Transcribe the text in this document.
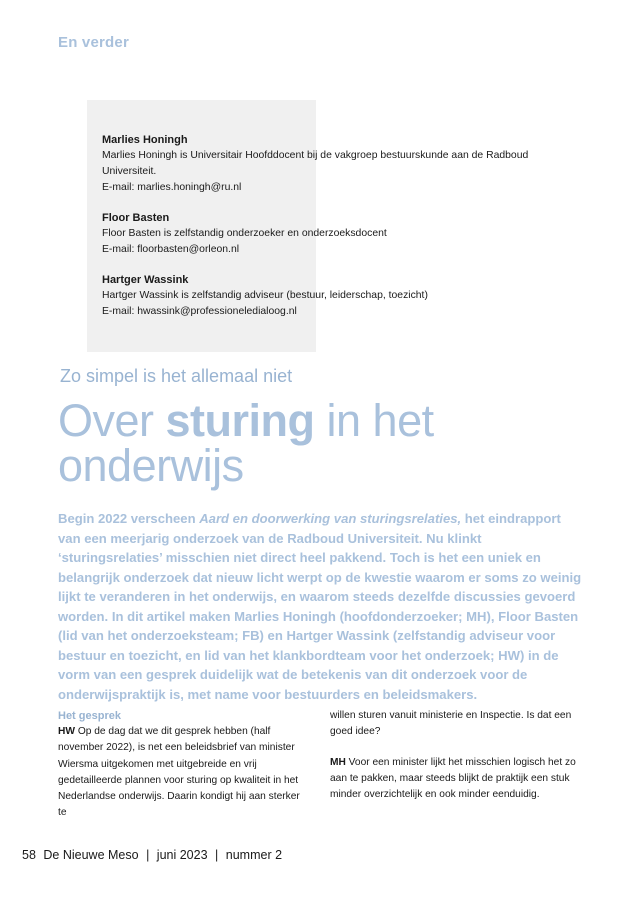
En verder

Marlies Honingh

Marlies Honingh is Universitair Hoofddocent bij de vakgroep bestuurskunde aan de Radboud

Universiteit.

E-mail: marlies.honingh@ru.nl

Floor Basten

Floor Basten is zelfstandig onderzoeker en onderzoeksdocent

E-mail: floorbasten@orleon.nl

Hartger Wassink

Hartger Wassink is zelfstandig adviseur (bestuur, leiderschap, toezicht)

E-mail: hwassink@professioneledialoog.nl

Zo simpel is het allemaal niet
Over sturing in het
onderwijs
Begin 2022 verscheen Aard en doorwerking van sturingsrelaties, het eindrapport van een meerjarig onderzoek van de Radboud Universiteit. Nu klinkt ‘sturingsrelaties’ misschien niet direct heel pakkend. Toch is het een uniek en belangrijk onderzoek dat nieuw licht werpt op de kwestie waarom er soms zo weinig lijkt te veranderen in het onderwijs, en waarom steeds dezelfde discussies gevoerd worden. In dit artikel maken Marlies Honingh (hoofdonderzoeker; MH), Floor Basten (lid van het onderzoeksteam; FB) en Hartger Wassink (zelfstandig adviseur voor bestuur en toezicht, en lid van het klankbordteam voor het onderzoek; HW) in de vorm van een gesprek duidelijk wat de betekenis van dit onderzoek voor de onderwijspraktijk is, met name voor bestuurders en beleidsmakers.
Het gesprek

HW Op de dag dat we dit gesprek hebben (half november 2022), is net een beleidsbrief van minister Wiersma uitgekomen met uitgebreide en vrij gedetailleerde plannen voor sturing op kwaliteit in het Nederlandse onderwijs. Daarin kondigt hij aan sterker te

willen sturen vanuit ministerie en Inspectie. Is dat een goed idee?

MH Voor een minister lijkt het misschien logisch het zo aan te pakken, maar steeds blijkt de praktijk een stuk minder overzichtelijk en ook minder eenduidig.

58 De Nieuwe Meso | juni 2023 | nummer 2
